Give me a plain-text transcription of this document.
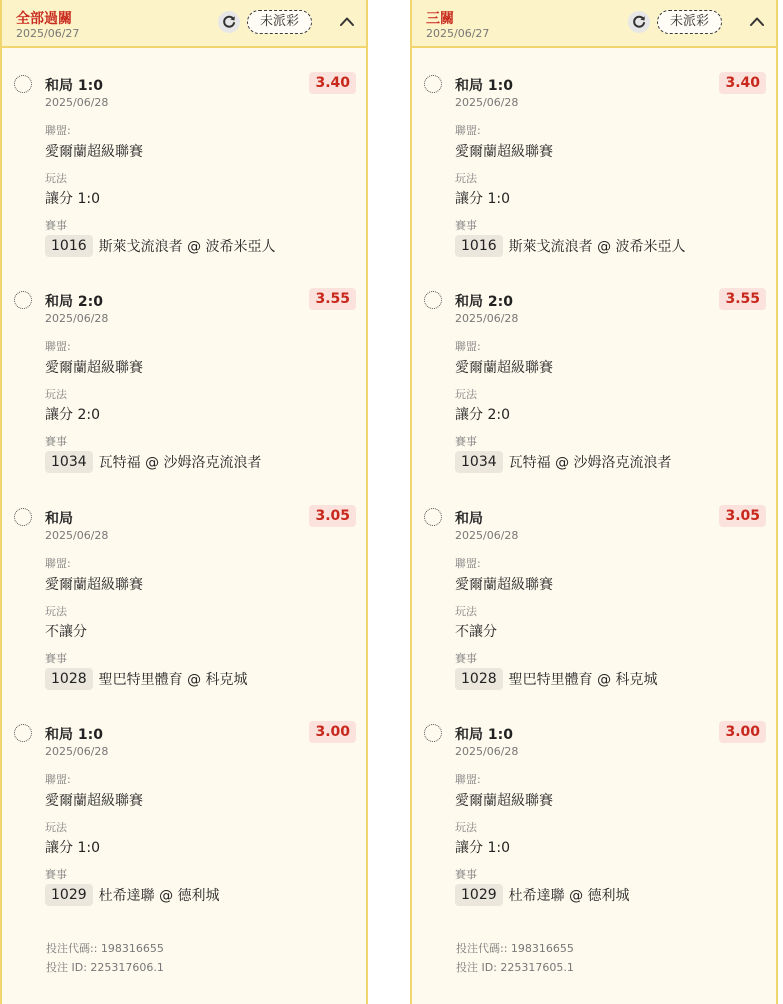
全部過關
2025/06/27
未派彩
和局 1:0
2025/06/28
3.40
聯盟:
愛爾蘭超級聯賽
玩法
讓分 1:0
賽事
1016 斯萊戈流浪者 @ 波希米亞人
和局 2:0
2025/06/28
3.55
聯盟:
愛爾蘭超級聯賽
玩法
讓分 2:0
賽事
1034 瓦特福 @ 沙姆洛克流浪者
和局
2025/06/28
3.05
聯盟:
愛爾蘭超級聯賽
玩法
不讓分
賽事
1028 聖巴特里體育 @ 科克城
和局 1:0
2025/06/28
3.00
聯盟:
愛爾蘭超級聯賽
玩法
讓分 1:0
賽事
1029 杜希達聯 @ 德利城
投注代碼:: 198316655
投注 ID: 225317606.1
三關
2025/06/27
未派彩
和局 1:0
2025/06/28
3.40
聯盟:
愛爾蘭超級聯賽
玩法
讓分 1:0
賽事
1016 斯萊戈流浪者 @ 波希米亞人
和局 2:0
2025/06/28
3.55
聯盟:
愛爾蘭超級聯賽
玩法
讓分 2:0
賽事
1034 瓦特福 @ 沙姆洛克流浪者
和局
2025/06/28
3.05
聯盟:
愛爾蘭超級聯賽
玩法
不讓分
賽事
1028 聖巴特里體育 @ 科克城
和局 1:0
2025/06/28
3.00
聯盟:
愛爾蘭超級聯賽
玩法
讓分 1:0
賽事
1029 杜希達聯 @ 德利城
投注代碼:: 198316655
投注 ID: 225317605.1
